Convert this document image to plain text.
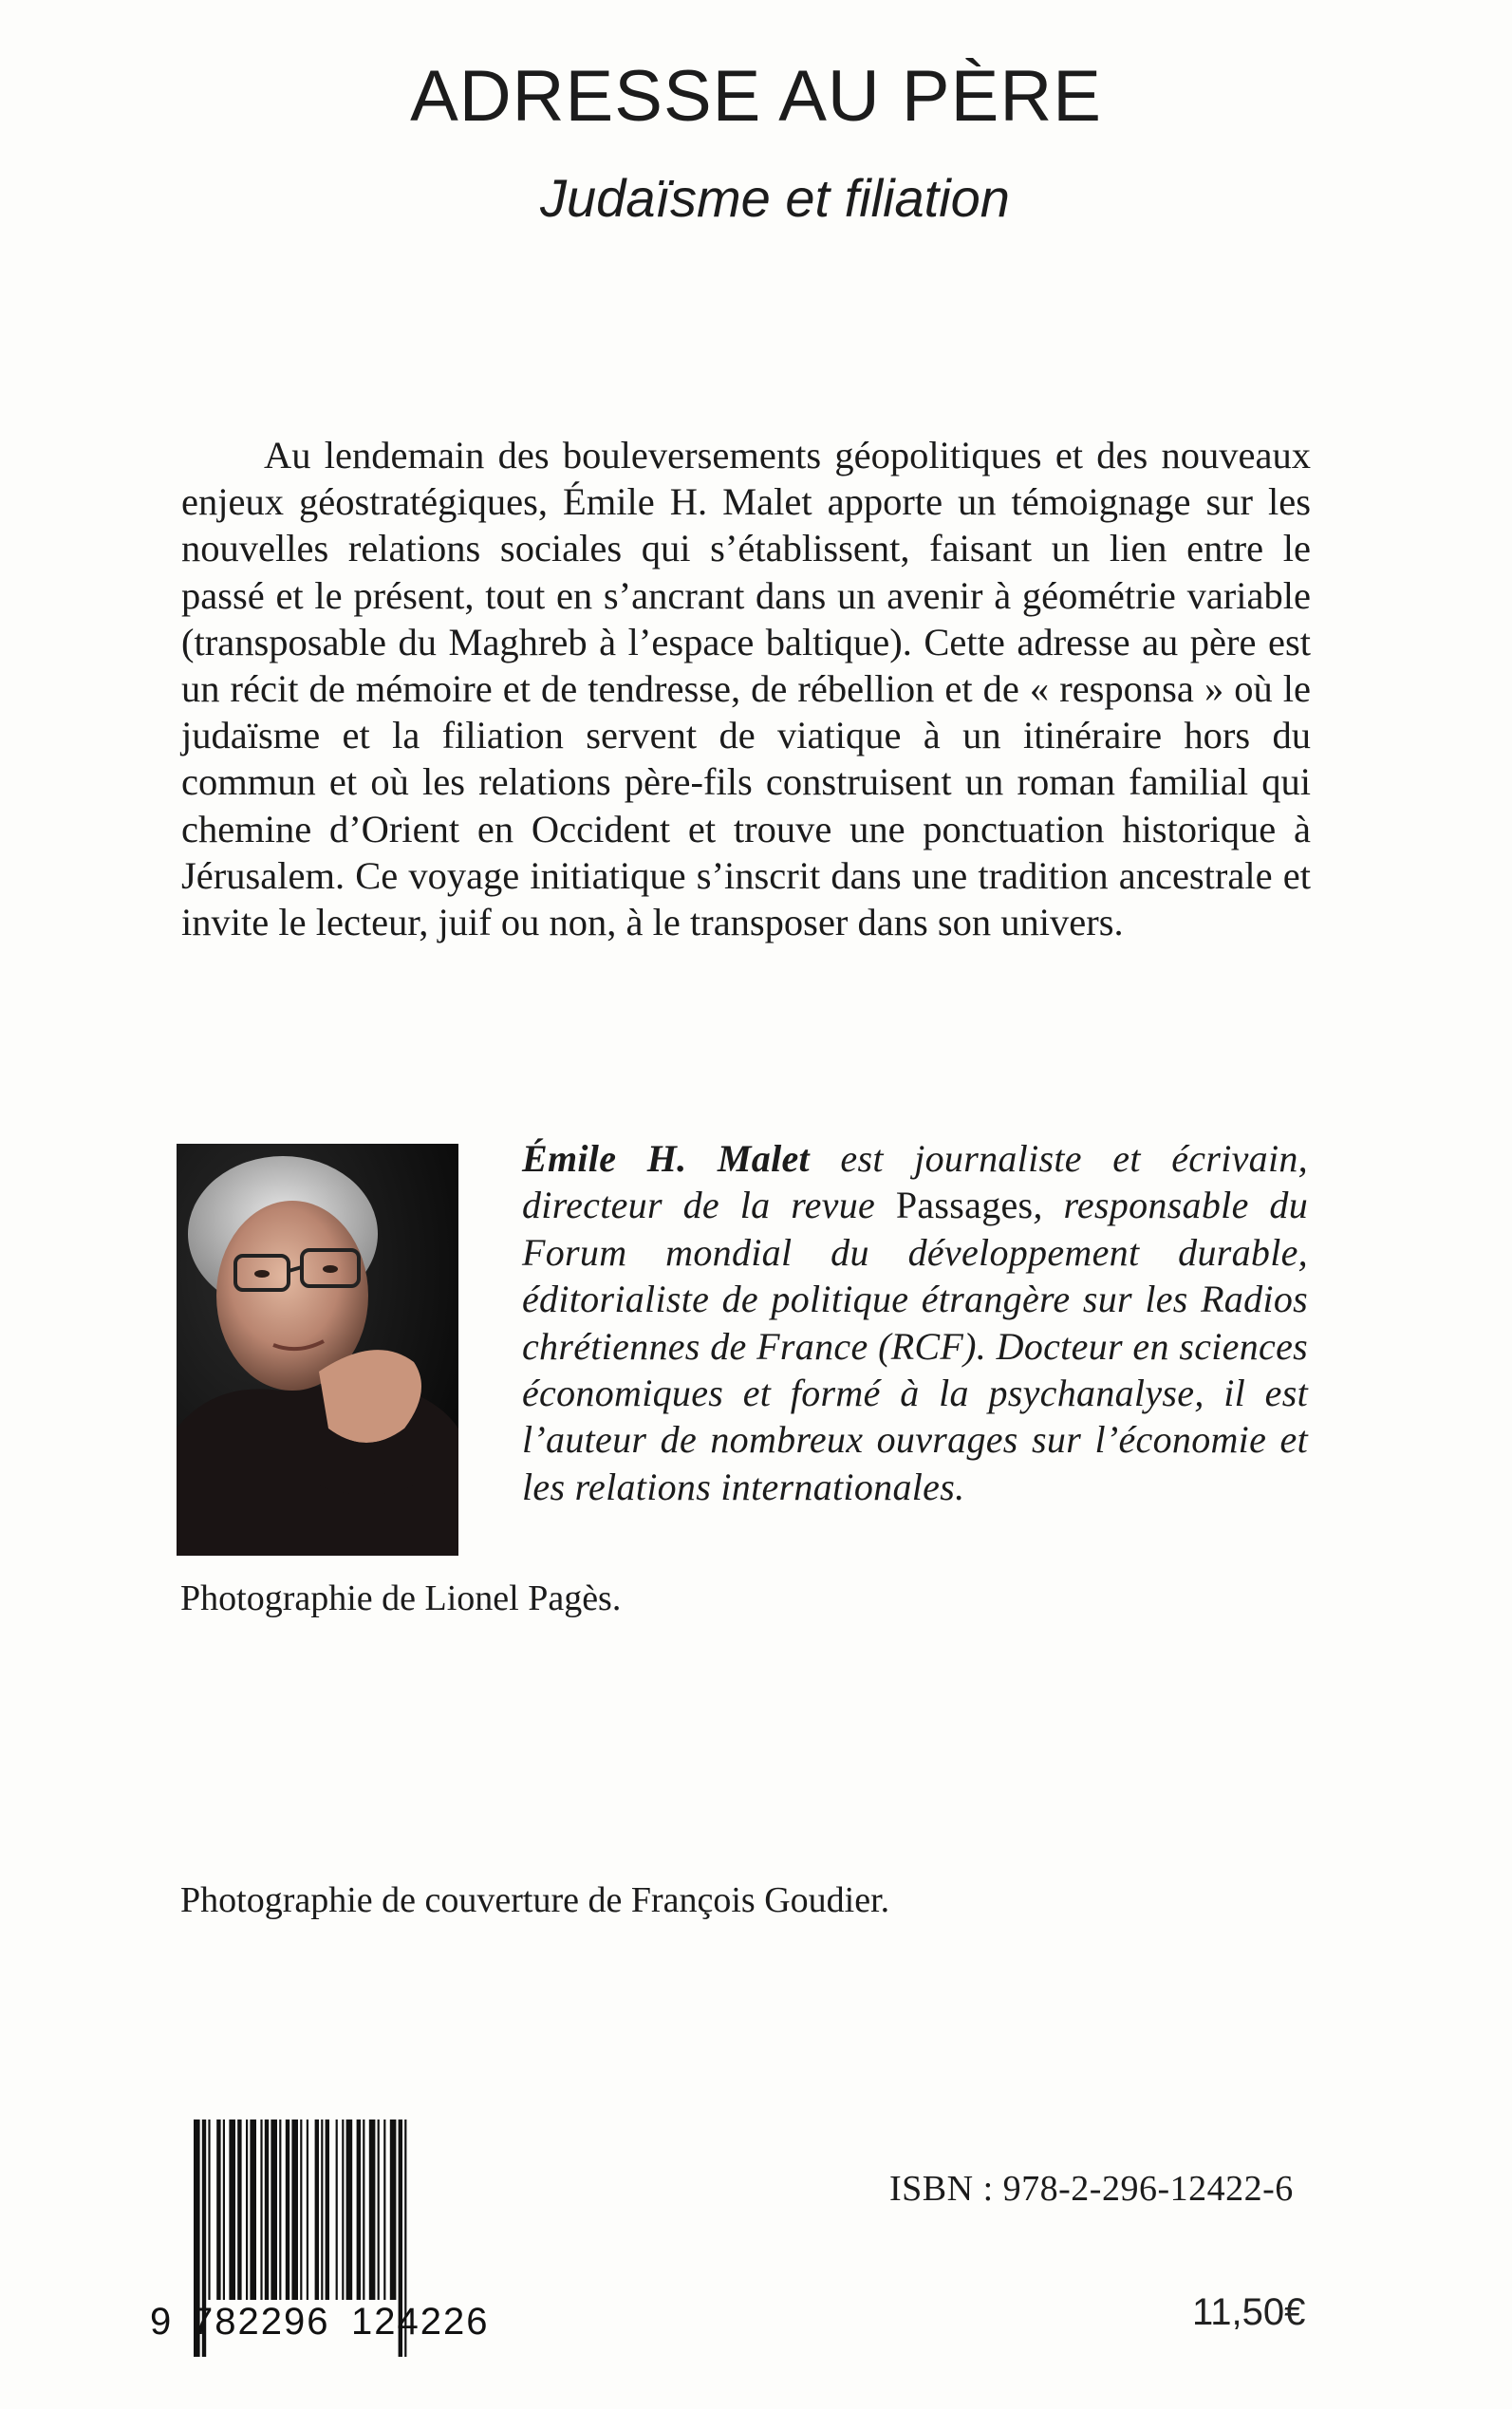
ADRESSE AU PÈRE
Judaïsme et filiation

Au lendemain des bouleversements géopolitiques et des nouveaux enjeux géostratégiques, Émile H. Malet apporte un témoignage sur les nouvelles relations sociales qui s’établissent, faisant un lien entre le passé et le présent, tout en s’ancrant dans un avenir à géométrie variable (transposable du Maghreb à l’espace baltique). Cette adresse au père est un récit de mémoire et de tendresse, de rébellion et de « responsa » où le judaïsme et la filiation servent de viatique à un itinéraire hors du commun et où les relations père-fils construisent un roman familial qui chemine d’Orient en Occident et trouve une ponctuation historique à Jérusalem. Ce voyage initiatique s’inscrit dans une tradition ancestrale et invite le lecteur, juif ou non, à le transposer dans son univers.

Émile H. Malet est journaliste et écrivain, directeur de la revue Passages, responsable du Forum mondial du développement durable, éditorialiste de politique étrangère sur les Radios chrétiennes de France (RCF). Docteur en sciences économiques et formé à la psychanalyse, il est l’auteur de nombreux ouvrages sur l’économie et les relations internationales.

Photographie de Lionel Pagès.
Photographie de couverture de François Goudier.
9 782296 124226
ISBN : 978-2-296-12422-6
11,50€
